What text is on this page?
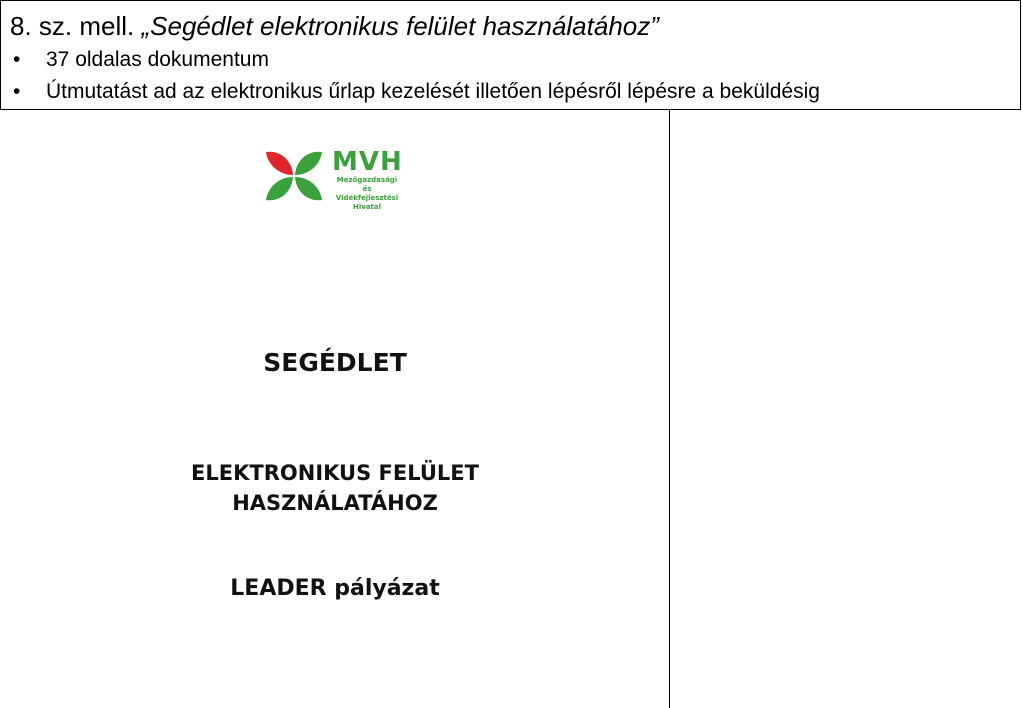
8. sz. mell. „Segédlet elektronikus felület használatához”
• 37 oldalas dokumentum
• Útmutatást ad az elektronikus űrlap kezelését illetően lépésről lépésre a beküldésig
MVH
Mezőgazdasági és
Vidékfejlesztési
Hivatal
SEGÉDLET
ELEKTRONIKUS FELÜLET
HASZNÁLATÁHOZ
LEADER pályázat
